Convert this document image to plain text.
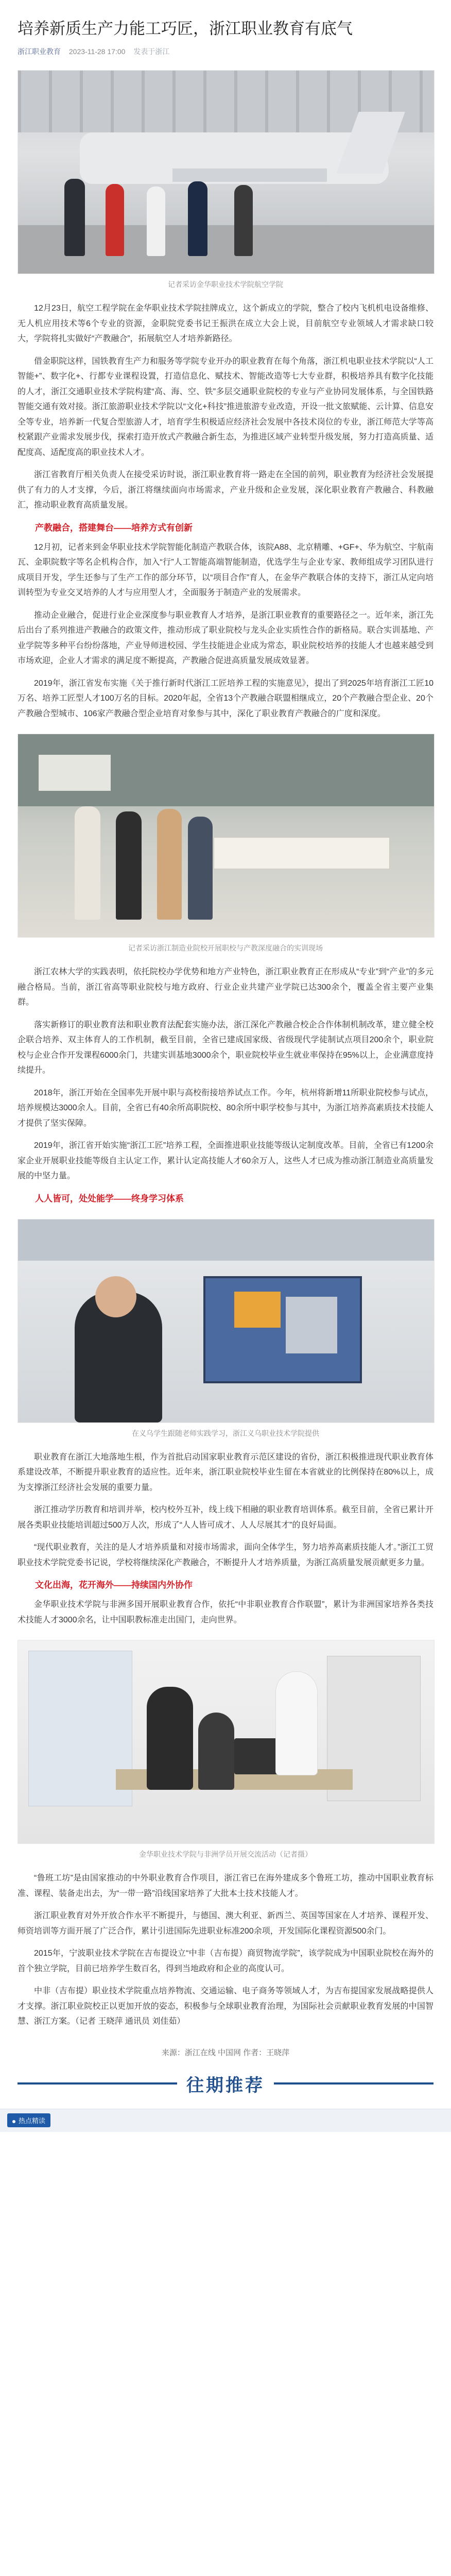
培养新质生产力能工巧匠，浙江职业教育有底气
浙江职业教育 2023-11-28 17:00 发表于浙江
记者采访金华职业技术学院航空学院

12月23日，航空工程学院在金华职业技术学院挂牌成立，这个新成立的学院，整合了校内飞机机电设备维修、无人机应用技术等6个专业的资源，金职院党委书记王振洪在成立大会上说，目前航空专业领域人才需求缺口较大，学院将扎实做好“产教融合”，拓展航空人才培养新路径。

借金职院这样，国铁教育生产力和服务等学院专业开办的职业教育在每个角落，浙江机电职业技术学院以“人工智能+”、数字化+、行都专业课程设置，打造信息化、赋技术、智能改造等七大专业群，积极培养具有数字化技能的人才，浙江交通职业技术学院构建“高、海、空、铁”多层交通职业院校的专业与产业协同发展体系，与全国铁路智能交通有效对接。浙江旅游职业技术学院以“文化+科技”推进旅游专业改造，开设一批文旅赋能、云计算、信息安全等专业，培养新一代复合型旅游人才，培育学生积极适应经济社会发展中各技术岗位的专业，浙江师范大学等高校紧跟产业需求发展步伐，探索打造开放式产教融合新生态，为推进区域产业转型升级发展，努力打造高质量、适配度高、适配度高的职业技术人才。

浙江省教育厅相关负责人在接受采访时说，浙江职业教育将一路走在全国的前列，职业教育为经济社会发展提供了有力的人才支撑，今后，浙江将继续面向市场需求，产业升级和企业发展，深化职业教育产教融合、科教融汇，推动职业教育高质量发展。

产教融合，搭建舞台——培养方式有创新

12月初，记者来到金华职业技术学院智能化制造产教联合体，该院A88、北京精雕、+GF+、华为航空、宇航南瓦、金职院数字等名企机构合作，加入“行”人工智能高端智能制造，优选学生与企业专家、教师组成学习团队进行成项目开发，学生还参与了生产工作的部分环节，以“项目合作”育人，在金华产教联合体的支持下，浙江从定向培训转型为专业交叉培养的人才与应用型人才，全面服务于制造产业的发展需求。

推动企业融合，促进行业企业深度参与职业教育人才培养，是浙江职业教育的重要路径之一。近年来，浙江先后出台了系列推进产教融合的政策文件，推动形成了职业院校与龙头企业实质性合作的新格局。联合实训基地、产业学院等多种平台纷纷落地，产业导师进校园、学生技能进企业成为常态，职业院校培养的技能人才也越来越受到市场欢迎，企业人才需求的满足度不断提高，产教融合促进高质量发展成效显著。

2019年，浙江省发布实施《关于推行新时代浙江工匠培养工程的实施意见》，提出了到2025年培育浙江工匠10万名、培养工匠型人才100万名的目标。2020年起，全省13个产教融合联盟相继成立，20个产教融合型企业、20个产教融合型城市、106家产教融合型企业培育对象参与其中，深化了职业教育产教融合的广度和深度。

记者采访浙江制造业院校开展职校与产教深度融合的实训现场

浙江农林大学的实践表明，依托院校办学优势和地方产业特色，浙江职业教育正在形成从“专业”到“产业”的多元融合格局。当前，浙江省高等职业院校与地方政府、行业企业共建产业学院已达300余个，覆盖全省主要产业集群。

落实新修订的职业教育法和职业教育法配套实施办法，浙江深化产教融合校企合作体制机制改革，建立健全校企联合培养、双主体育人的工作机制，截至目前，全省已建成国家级、省级现代学徒制试点项目200余个，职业院校与企业合作开发课程6000余门，共建实训基地3000余个，职业院校毕业生就业率保持在95%以上，企业满意度持续提升。

2018年，浙江开始在全国率先开展中职与高校衔接培养试点工作。今年，杭州将新增11所职业院校参与试点，培养规模达3000余人。目前，全省已有40余所高职院校、80余所中职学校参与其中，为浙江培养高素质技术技能人才提供了坚实保障。

2019年，浙江省开始实施“浙江工匠”培养工程，全面推进职业技能等级认定制度改革。目前，全省已有1200余家企业开展职业技能等级自主认定工作，累计认定高技能人才60余万人，这些人才已成为推动浙江制造业高质量发展的中坚力量。

人人皆可，处处能学——终身学习体系
在义乌学生跟随老师实践学习，浙江义乌职业技术学院提供

职业教育在浙江大地落地生根，作为首批启动国家职业教育示范区建设的省份，浙江积极推进现代职业教育体系建设改革，不断提升职业教育的适应性。近年来，浙江职业院校毕业生留在本省就业的比例保持在80%以上，成为支撑浙江经济社会发展的重要力量。

浙江推动学历教育和培训并举，校内校外互补，线上线下相融的职业教育培训体系。截至目前，全省已累计开展各类职业技能培训超过500万人次，形成了“人人皆可成才、人人尽展其才”的良好局面。

“现代职业教育，关注的是人才培养质量和对接市场需求，面向全体学生，努力培养高素质技能人才。”浙江工贸职业技术学院党委书记说，学校将继续深化产教融合，不断提升人才培养质量，为浙江高质量发展贡献更多力量。

文化出海，花开海外——持续国内外协作

金华职业技术学院与非洲多国开展职业教育合作，依托“中非职业教育合作联盟”，累计为非洲国家培养各类技术技能人才3000余名，让中国职教标准走出国门，走向世界。

金华职业技术学院与非洲学员开展交流活动（记者摄）

“鲁班工坊”是由国家推动的中外职业教育合作项目，浙江省已在海外建成多个鲁班工坊，推动中国职业教育标准、课程、装备走出去，为“一带一路”沿线国家培养了大批本土技术技能人才。

浙江职业教育对外开放合作水平不断提升，与德国、澳大利亚、新西兰、英国等国家在人才培养、课程开发、师资培训等方面开展了广泛合作，累计引进国际先进职业标准200余项，开发国际化课程资源500余门。

2015年，宁波职业技术学院在吉布提设立“中非（吉布提）商贸物流学院”，该学院成为中国职业院校在海外的首个独立学院，目前已培养学生数百名，得到当地政府和企业的高度认可。

中非（吉布提）职业技术学院重点培养物流、交通运输、电子商务等领域人才，为吉布提国家发展战略提供人才支撑。浙江职业院校正以更加开放的姿态，积极参与全球职业教育治理，为国际社会贡献职业教育发展的中国智慧、浙江方案。（记者 王晓萍 通讯员 刘佳茹）

来源：浙江在线 中国网 作者：王晓萍
往期推荐
热点精读
